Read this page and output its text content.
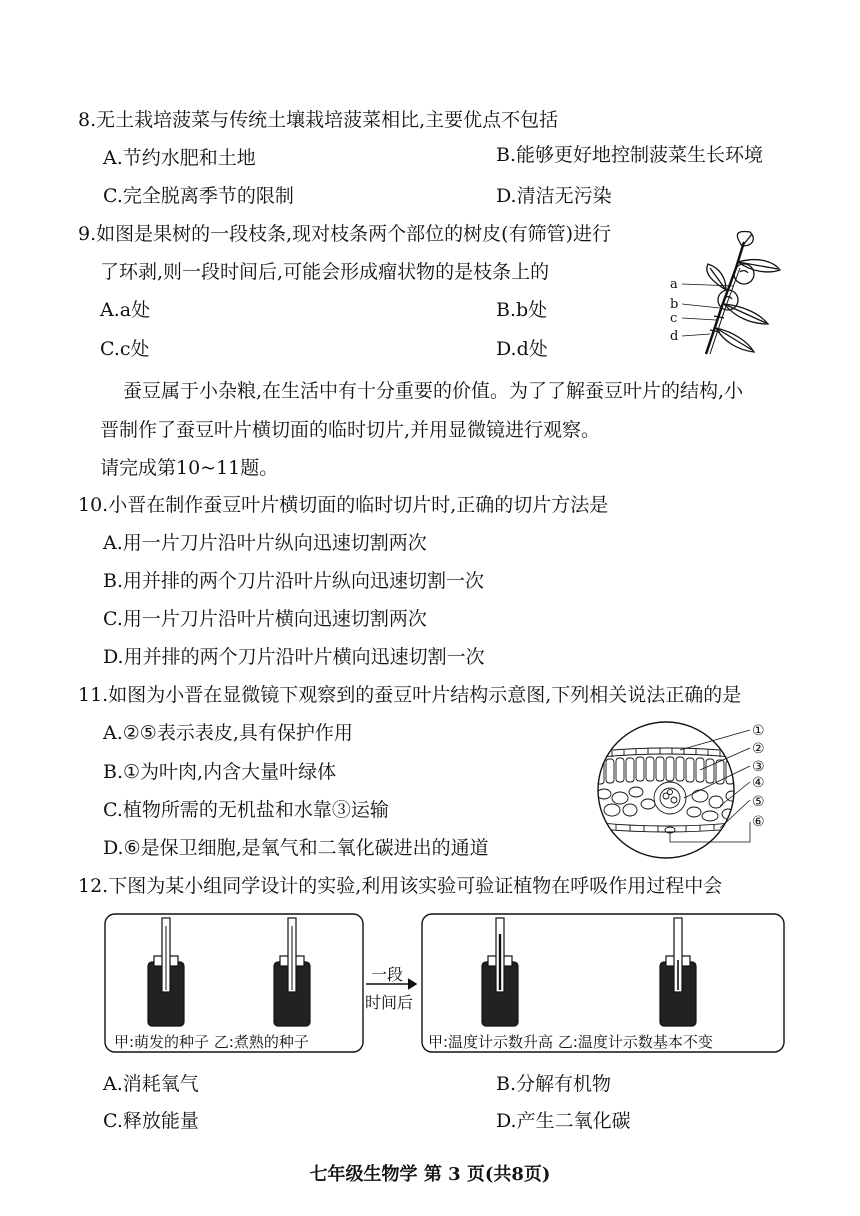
8.无土栽培菠菜与传统土壤栽培菠菜相比,主要优点不包括
A.节约水肥和土地	B.能够更好地控制菠菜生长环境
C.完全脱离季节的限制	D.清洁无污染
9.如图是果树的一段枝条,现对枝条两个部位的树皮(有筛管)进行
了环剥,则一段时间后,可能会形成瘤状物的是枝条上的
A.a处	B.b处
C.c处	D.d处
a
b
c
d
蚕豆属于小杂粮,在生活中有十分重要的价值。为了了解蚕豆叶片的结构,小
晋制作了蚕豆叶片横切面的临时切片,并用显微镜进行观察。
请完成第10~11题。
10.小晋在制作蚕豆叶片横切面的临时切片时,正确的切片方法是
A.用一片刀片沿叶片纵向迅速切割两次
B.用并排的两个刀片沿叶片纵向迅速切割一次
C.用一片刀片沿叶片横向迅速切割两次
D.用并排的两个刀片沿叶片横向迅速切割一次
11.如图为小晋在显微镜下观察到的蚕豆叶片结构示意图,下列相关说法正确的是
A.②⑤表示表皮,具有保护作用
B.①为叶肉,内含大量叶绿体
C.植物所需的无机盐和水靠③运输
D.⑥是保卫细胞,是氧气和二氧化碳进出的通道
①
②
③
④
⑤
⑥
12.下图为某小组同学设计的实验,利用该实验可验证植物在呼吸作用过程中会
甲:萌发的种子 乙:煮熟的种子
一段
时间后
甲:温度计示数升高 乙:温度计示数基本不变
A.消耗氧气	B.分解有机物
C.释放能量	D.产生二氧化碳
七年级生物学 第 3 页(共8页)
